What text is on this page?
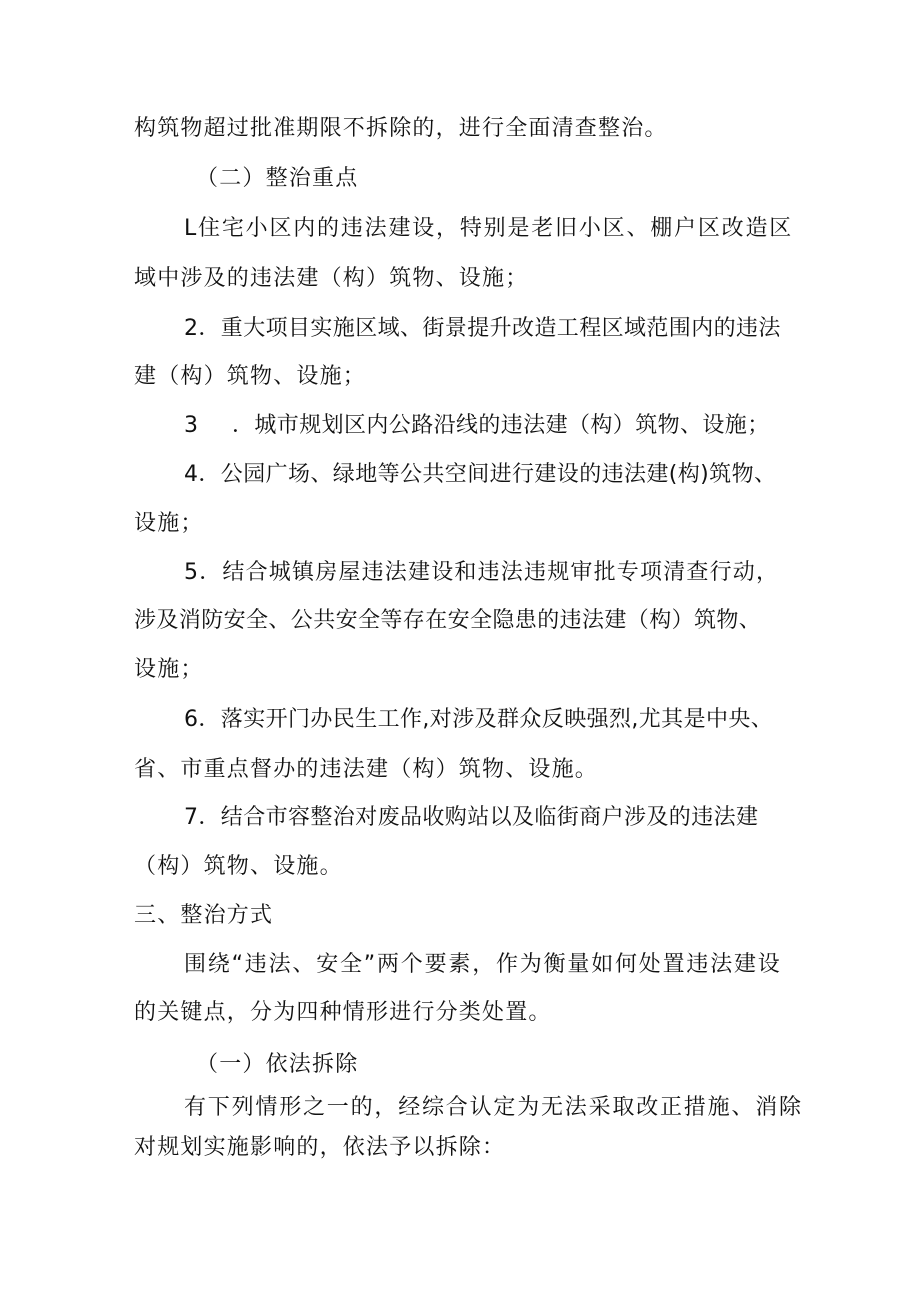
构筑物超过批准期限不拆除的，进行全面清查整治。
（二）整治重点
L住宅小区内的违法建设，特别是老旧小区、棚户区改造区
域中涉及的违法建（构）筑物、设施；
2．重大项目实施区域、街景提升改造工程区域范围内的违法
建（构）筑物、设施；
3 ．城市规划区内公路沿线的违法建（构）筑物、设施；
4．公园广场、绿地等公共空间进行建设的违法建(构)筑物、
设施；
5．结合城镇房屋违法建设和违法违规审批专项清查行动，
涉及消防安全、公共安全等存在安全隐患的违法建（构）筑物、
设施；
6．落实开门办民生工作,对涉及群众反映强烈,尤其是中央、
省、市重点督办的违法建（构）筑物、设施。
7．结合市容整治对废品收购站以及临街商户涉及的违法建
（构）筑物、设施。
三、整治方式
围绕“违法、安全”两个要素，作为衡量如何处置违法建设
的关键点，分为四种情形进行分类处置。
（一）依法拆除
有下列情形之一的，经综合认定为无法采取改正措施、消除
对规划实施影响的，依法予以拆除：
